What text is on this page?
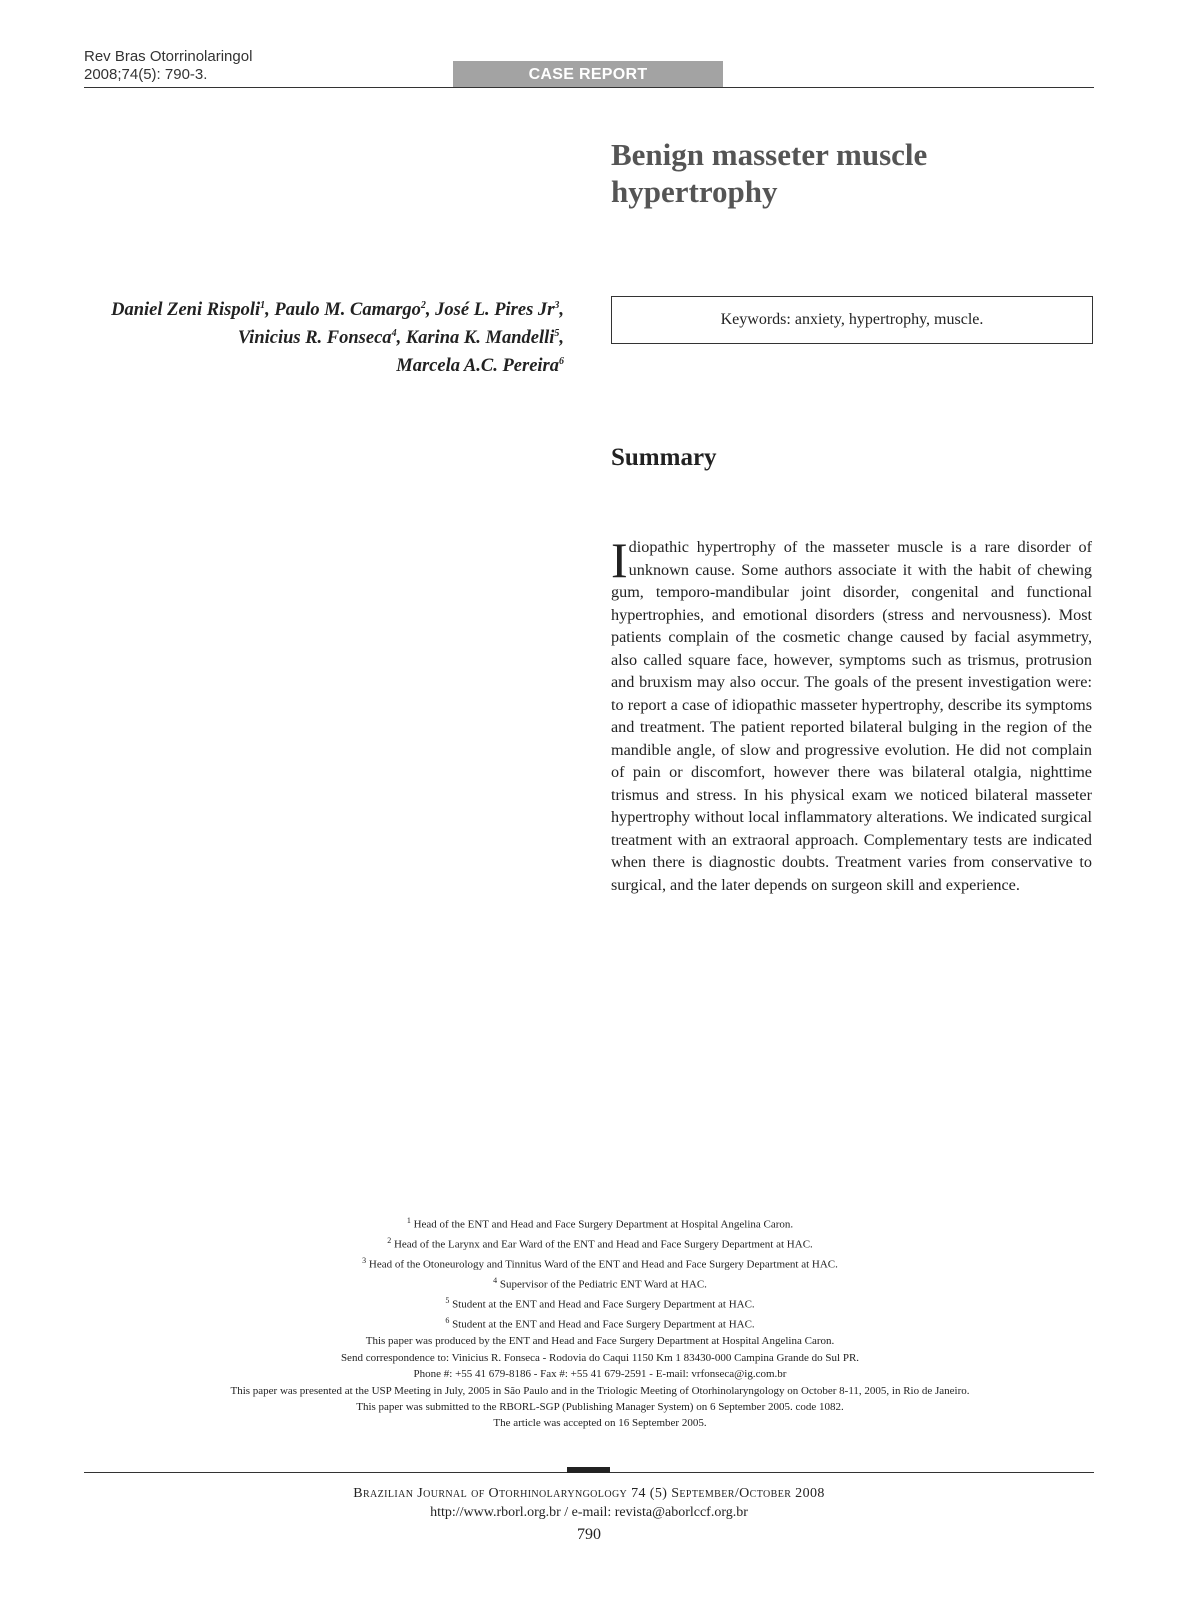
Rev Bras Otorrinolaringol
2008;74(5): 790-3.	CASE REPORT
Benign masseter muscle
hypertrophy
Daniel Zeni Rispoli$^1$, Paulo M. Camargo$^2$, José L. Pires Jr$^3$, Vinicius R. Fonseca$^4$, Karina K. Mandelli$^5$,
Marcela A.C. Pereira$^6$
Keywords: anxiety, hypertrophy, muscle.
Summary
Idiopathic hypertrophy of the masseter muscle is a rare disorder of unknown cause. Some authors associate it with the habit of chewing gum, temporo-mandibular joint disorder, congenital and functional hypertrophies, and emotional disorders (stress and nervousness). Most patients complain of the cosmetic change caused by facial asymmetry, also called square face, however, symptoms such as trismus, protrusion and bruxism may also occur. The goals of the present investigation were: to report a case of idiopathic masseter hypertrophy, describe its symptoms and treatment. The patient reported bilateral bulging in the region of the mandible angle, of slow and progressive evolution. He did not complain of pain or discomfort, however there was bilateral otalgia, nighttime trismus and stress. In his physical exam we noticed bilateral masseter hypertrophy without local inflammatory alterations. We indicated surgical treatment with an extraoral approach. Complementary tests are indicated when there is diagnostic doubts. Treatment varies from conservative to surgical, and the later depends on surgeon skill and experience.
$^1$ Head of the ENT and Head and Face Surgery Department at Hospital Angelina Caron.
$^2$ Head of the Larynx and Ear Ward of the ENT and Head and Face Surgery Department at HAC.
$^3$ Head of the Otoneurology and Tinnitus Ward of the ENT and Head and Face Surgery Department at HAC.
$^4$ Supervisor of the Pediatric ENT Ward at HAC.
$^5$ Student at the ENT and Head and Face Surgery Department at HAC.
$^6$ Student at the ENT and Head and Face Surgery Department at HAC.
This paper was produced by the ENT and Head and Face Surgery Department at Hospital Angelina Caron.
Send correspondence to: Vinicius R. Fonseca - Rodovia do Caqui 1150 Km 1 83430-000 Campina Grande do Sul PR.
Phone #: +55 41 679-8186 - Fax #: +55 41 679-2591 - E-mail: vrfonseca@ig.com.br
This paper was presented at the USP Meeting in July, 2005 in São Paulo and in the Triologic Meeting of Otorhinolaryngology on October 8-11, 2005, in Rio de Janeiro.
This paper was submitted to the RBORL-SGP (Publishing Manager System) on 6 September 2005. code 1082.
The article was accepted on 16 September 2005.
Brazilian Journal of Otorhinolaryngology 74 (5) September/October 2008
http://www.rborl.org.br / e-mail: revista@aborlccf.org.br
790
